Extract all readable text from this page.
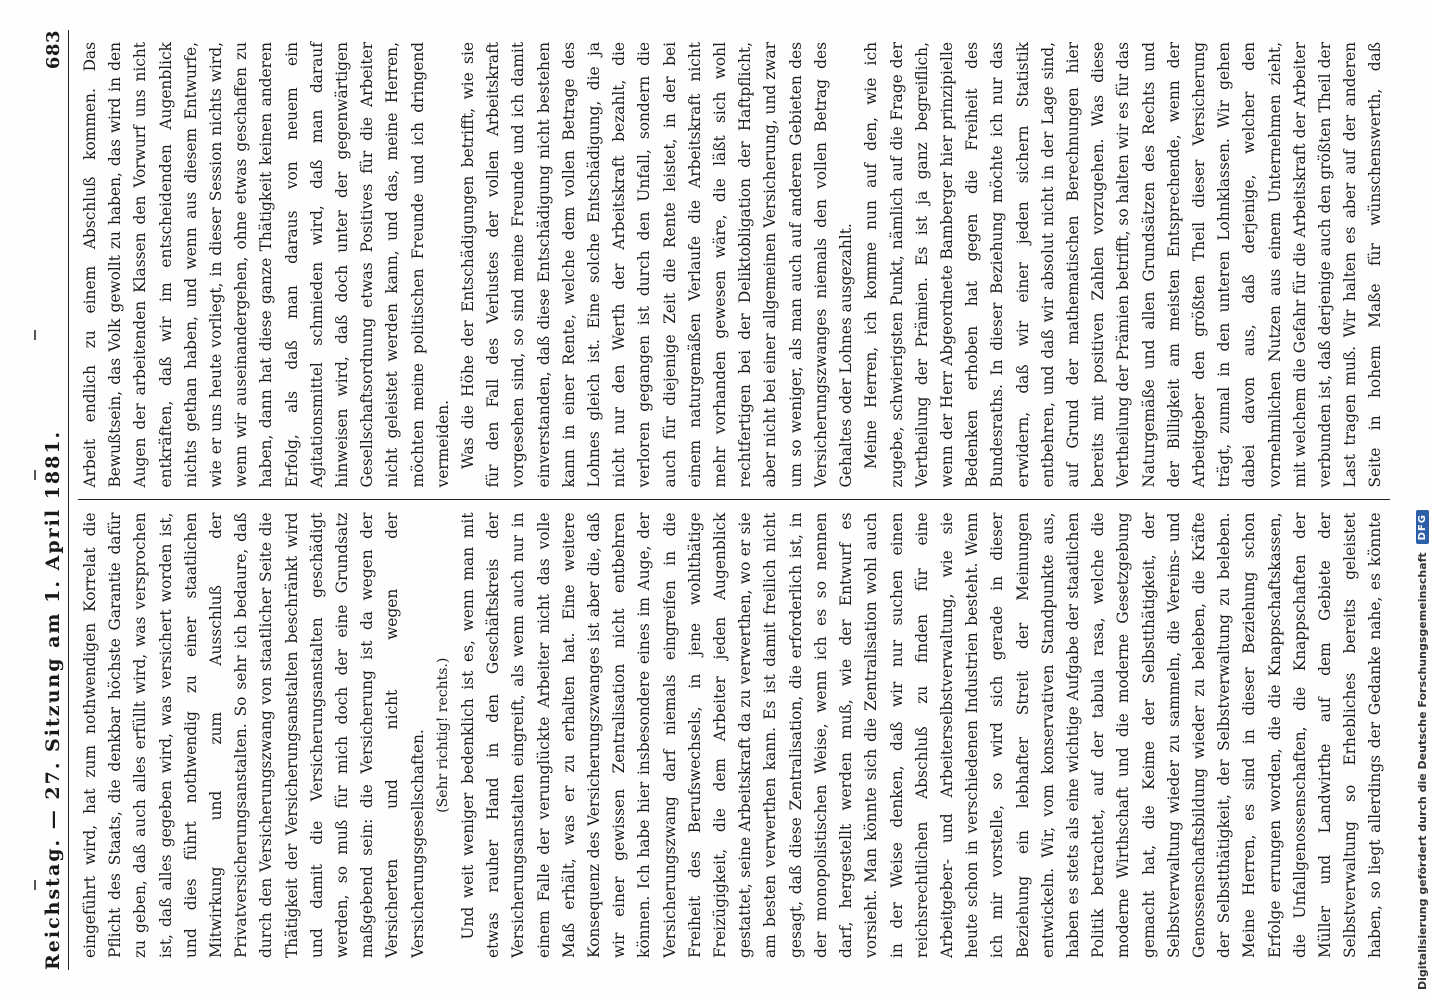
Reichstag. — 27. Sitzung am 1. April 1881.
683

eingeführt wird, hat zum nothwendigen Korrelat die Pflicht des Staats, die denkbar höchste Garantie dafür zu geben, daß auch alles erfüllt wird, was versprochen ist, daß alles gegeben wird, was versichert worden ist, und dies führt nothwendig zu einer staatlichen Mitwirkung und zum Ausschluß der Privatversicherungsanstalten. So sehr ich bedaure, daß durch den Versicherungszwang von staatlicher Seite die Thätigkeit der Versicherungsanstalten beschränkt wird und damit die Versicherungsanstalten geschädigt werden, so muß für mich doch der eine Grundsatz maßgebend sein: die Versicherung ist da wegen der Versicherten und nicht wegen der Versicherungsgesellschaften. (Sehr richtig! rechts.)

Und weit weniger bedenklich ist es, wenn man mit etwas rauher Hand in den Geschäftskreis der Versicherungsanstalten eingreift, als wenn auch nur in einem Falle der verunglückte Arbeiter nicht das volle Maß erhält, was er zu erhalten hat. Eine weitere Konsequenz des Versicherungszwanges ist aber die, daß wir einer gewissen Zentralisation nicht entbehren können. Ich habe hier insbesondere eines im Auge, der Versicherungszwang darf niemals eingreifen in die Freiheit des Berufswechsels, in jene wohlthätige Freizügigkeit, die dem Arbeiter jeden Augenblick gestattet, seine Arbeitskraft da zu verwerthen, wo er sie am besten verwerthen kann. Es ist damit freilich nicht gesagt, daß diese Zentralisation, die erforderlich ist, in der monopolistischen Weise, wenn ich es so nennen darf, hergestellt werden muß, wie der Entwurf es vorsieht. Man könnte sich die Zentralisation wohl auch in der Weise denken, daß wir nur suchen einen reichsrechtlichen Abschluß zu finden für eine Arbeitgeber- und Arbeiterselbstverwaltung, wie sie heute schon in verschiedenen Industrien besteht. Wenn ich mir vorstelle, so wird sich gerade in dieser Beziehung ein lebhafter Streit der Meinungen entwickeln. Wir, vom konservativen Standpunkte aus, haben es stets als eine wichtige Aufgabe der staatlichen Politik betrachtet, auf der tabula rasa, welche die moderne Wirthschaft und die moderne Gesetzgebung gemacht hat, die Keime der Selbstthätigkeit, der Selbstverwaltung wieder zu sammeln, die Vereins- und Genossenschaftsbildung wieder zu beleben, die Kräfte der Selbstthätigkeit, der Selbstverwaltung zu beleben. Meine Herren, es sind in dieser Beziehung schon Erfolge errungen worden, die die Knappschaftskassen, die Unfallgenossenschaften, die Knappschaften der Müller und Landwirthe auf dem Gebiete der Selbstverwaltung so Erhebliches bereits geleistet haben, so liegt allerdings der Gedanke nahe, es könnte

Arbeit endlich zu einem Abschluß kommen. Das Bewußtsein, das Volk gewollt zu haben, das wird in den Augen der arbeitenden Klassen den Vorwurf uns nicht entkräften, daß wir im entscheidenden Augenblick nichts gethan haben, und wenn aus diesem Entwurfe, wie er uns heute vorliegt, in dieser Session nichts wird, wenn wir auseinandergehen, ohne etwas geschaffen zu haben, dann hat diese ganze Thätigkeit keinen anderen Erfolg, als daß man daraus von neuem ein Agitationsmittel schmieden wird, daß man darauf hinweisen wird, daß doch unter der gegenwärtigen Gesellschaftsordnung etwas Positives für die Arbeiter nicht geleistet werden kann, und das, meine Herren, möchten meine politischen Freunde und ich dringend vermeiden. Was die Höhe der Entschädigungen betrifft, wie sie für den Fall des Verlustes der vollen Arbeitskraft vorgesehen sind, so sind meine Freunde und ich damit einverstanden, daß diese Entschädigung nicht bestehen kann in einer Rente, welche dem vollen Betrage des Lohnes gleich ist. Eine solche Entschädigung, die ja nicht nur den Werth der Arbeitskraft bezahlt, die verloren gegangen ist durch den Unfall, sondern die auch für diejenige Zeit die Rente leistet, in der bei einem naturgemäßen Verlaufe die Arbeitskraft nicht mehr vorhanden gewesen wäre, die läßt sich wohl rechtfertigen bei der Deliktobligation der Haftpflicht, aber nicht bei einer allgemeinen Versicherung, und zwar um so weniger, als man auch auf anderen Gebieten des Versicherungszwanges niemals den vollen Betrag des Gehaltes oder Lohnes ausgezahlt. Meine Herren, ich komme nun auf den, wie ich zugebe, schwierigsten Punkt, nämlich auf die Frage der Vertheilung der Prämien. Es ist ja ganz begreiflich, wenn der Herr Abgeordnete Bamberger hier prinzipielle Bedenken erhoben hat gegen die Freiheit des Bundesraths. In dieser Beziehung möchte ich nur das erwidern, daß wir einer jeden sichern Statistik entbehren, und daß wir absolut nicht in der Lage sind, auf Grund der mathematischen Berechnungen hier bereits mit positiven Zahlen vorzugehen. Was diese Vertheilung der Prämien betrifft, so halten wir es für das Naturgemäße und allen Grundsätzen des Rechts und der Billigkeit am meisten Entsprechende, wenn der Arbeitgeber den größten Theil dieser Versicherung trägt, zumal in den unteren Lohnklassen. Wir gehen dabei davon aus, daß derjenige, welcher den vornehmlichen Nutzen aus einem Unternehmen zieht, mit welchem die Gefahr für die Arbeitskraft der Arbeiter verbunden ist, daß derjenige auch den größten Theil der Last tragen muß. Wir halten es aber auf der anderen Seite in hohem Maße für wünschenswerth, daß

Digitalisierung gefördert durch die Deutsche Forschungsgemeinschaft
DFG
